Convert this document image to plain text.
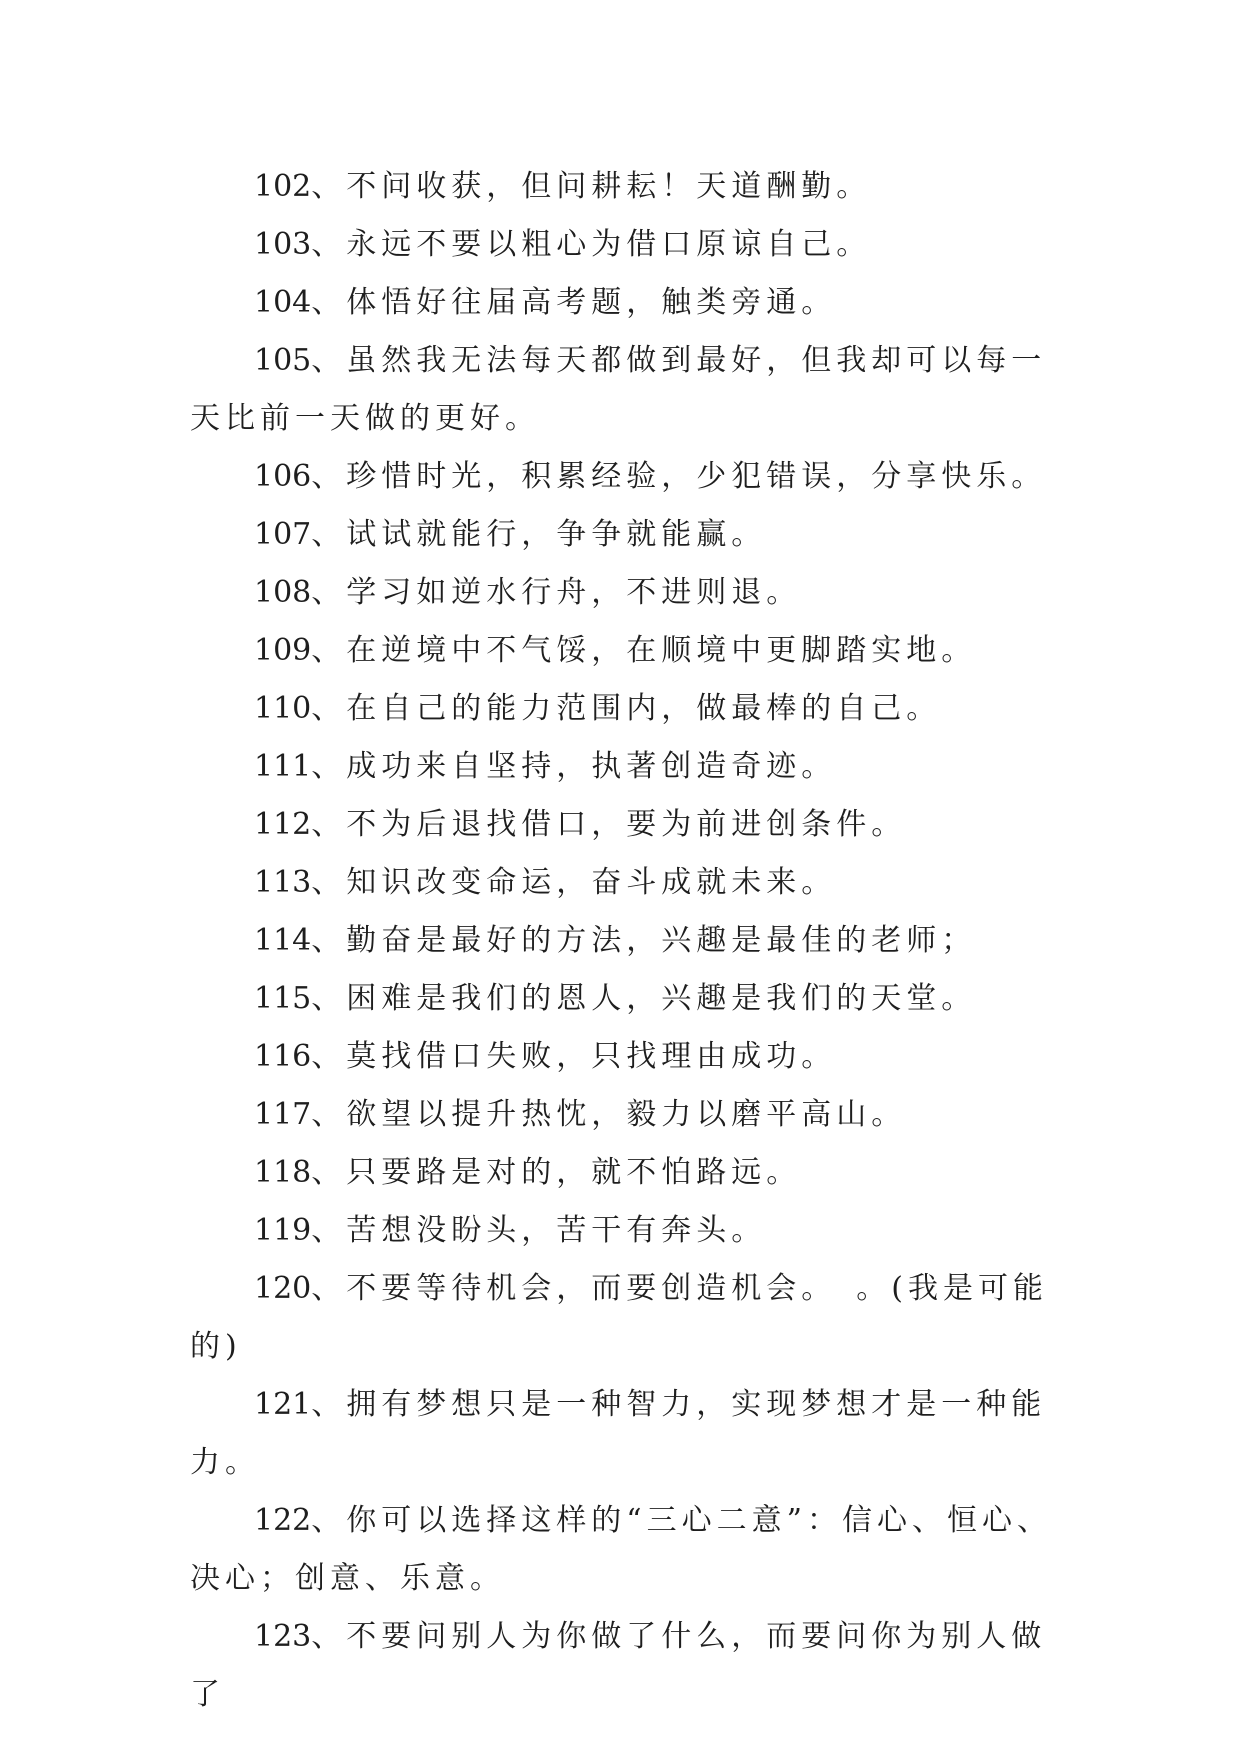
102、不问收获，但问耕耘！天道酬勤。

103、永远不要以粗心为借口原谅自己。

104、体悟好往届高考题，触类旁通。

105、虽然我无法每天都做到最好，但我却可以每一天比前一天做的更好。

106、珍惜时光，积累经验，少犯错误，分享快乐。

107、试试就能行，争争就能赢。

108、学习如逆水行舟，不进则退。

109、在逆境中不气馁，在顺境中更脚踏实地。

110、在自己的能力范围内，做最棒的自己。

111、成功来自坚持，执著创造奇迹。

112、不为后退找借口，要为前进创条件。

113、知识改变命运，奋斗成就未来。

114、勤奋是最好的方法，兴趣是最佳的老师；

115、困难是我们的恩人，兴趣是我们的天堂。

116、莫找借口失败，只找理由成功。

117、欲望以提升热忱，毅力以磨平高山。

118、只要路是对的，就不怕路远。

119、苦想没盼头，苦干有奔头。

120、不要等待机会，而要创造机会。　。(我是可能的)

121、拥有梦想只是一种智力，实现梦想才是一种能力。

122、你可以选择这样的“三心二意”：信心、恒心、决心；创意、乐意。

123、不要问别人为你做了什么，而要问你为别人做了
